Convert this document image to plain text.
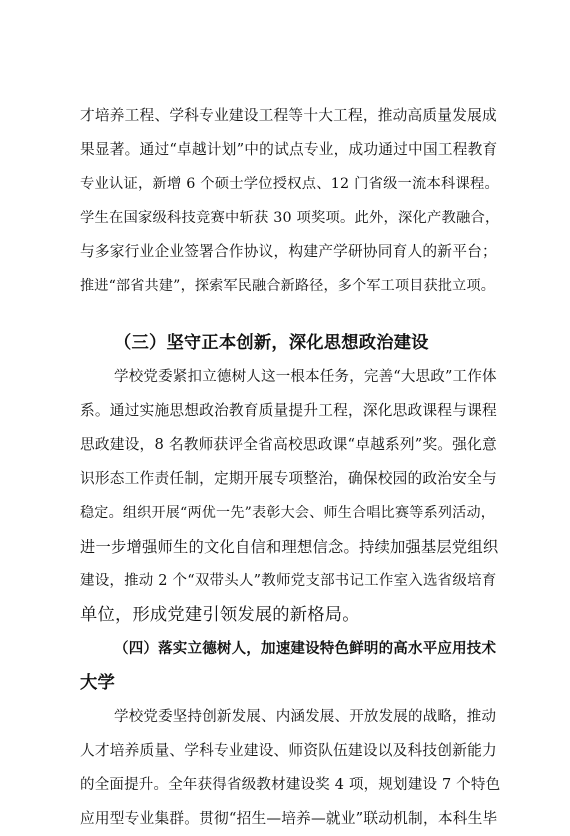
才培养工程、学科专业建设工程等十大工程，推动高质量发展成
果显著。通过“卓越计划”中的试点专业，成功通过中国工程教育
专业认证，新增 6 个硕士学位授权点、12 门省级一流本科课程。
学生在国家级科技竞赛中斩获 30 项奖项。此外，深化产教融合，
与多家行业企业签署合作协议，构建产学研协同育人的新平台；
推进“部省共建”，探索军民融合新路径，多个军工项目获批立项。
（三）坚守正本创新，深化思想政治建设
学校党委紧扣立德树人这一根本任务，完善“大思政”工作体
系。通过实施思想政治教育质量提升工程，深化思政课程与课程
思政建设，8 名教师获评全省高校思政课“卓越系列”奖。强化意
识形态工作责任制，定期开展专项整治，确保校园的政治安全与
稳定。组织开展“两优一先”表彰大会、师生合唱比赛等系列活动，
进一步增强师生的文化自信和理想信念。持续加强基层党组织
建设，推动 2 个“双带头人”教师党支部书记工作室入选省级培育
单位，形成党建引领发展的新格局。
（四）落实立德树人，加速建设特色鲜明的高水平应用技术
大学
学校党委坚持创新发展、内涵发展、开放发展的战略，推动
人才培养质量、学科专业建设、师资队伍建设以及科技创新能力
的全面提升。全年获得省级教材建设奖 4 项，规划建设 7 个特色
应用型专业集群。贯彻“招生—培养—就业”联动机制，本科生毕
